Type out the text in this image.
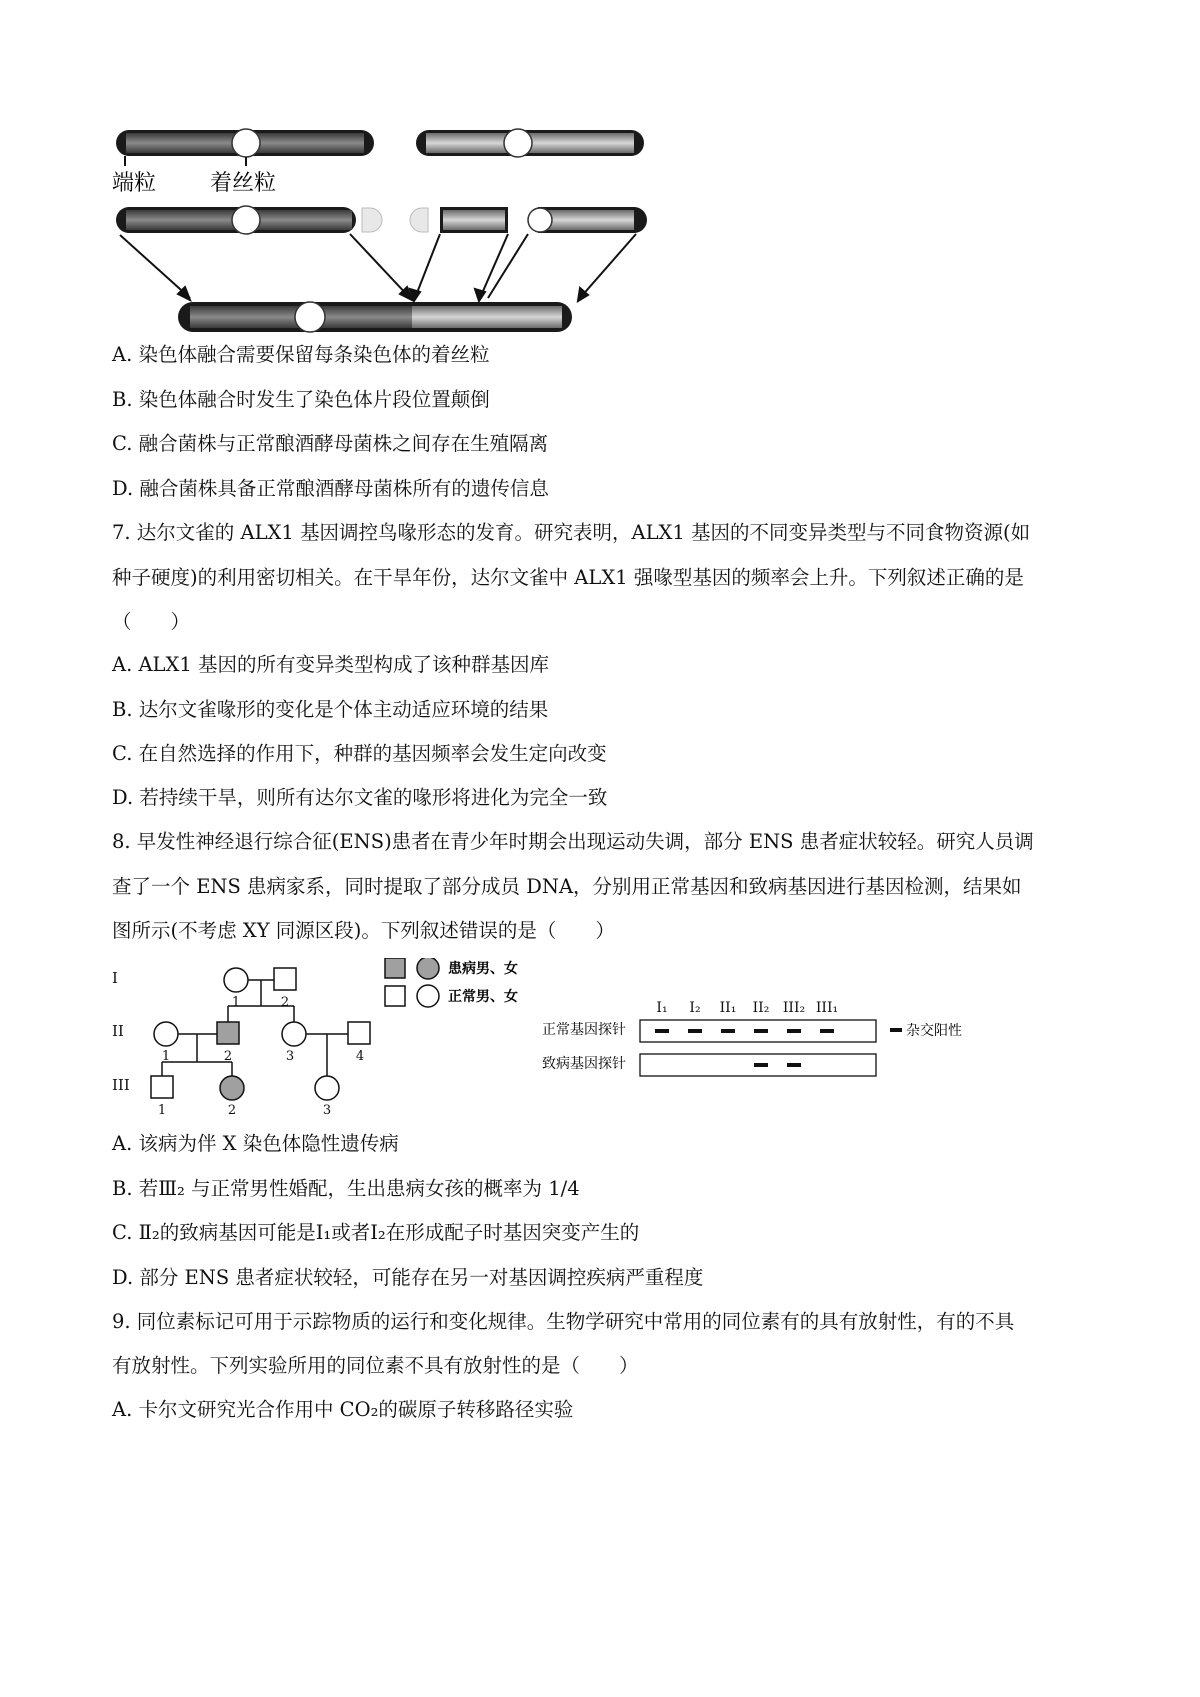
端粒 着丝粒
A. 染色体融合需要保留每条染色体的着丝粒
B. 染色体融合时发生了染色体片段位置颠倒
C. 融合菌株与正常酿酒酵母菌株之间存在生殖隔离
D. 融合菌株具备正常酿酒酵母菌株所有的遗传信息
7. 达尔文雀的 ALX1 基因调控鸟喙形态的发育。研究表明，ALX1 基因的不同变异类型与不同食物资源(如
种子硬度)的利用密切相关。在干旱年份，达尔文雀中 ALX1 强喙型基因的频率会上升。下列叙述正确的是
（　　）
A. ALX1 基因的所有变异类型构成了该种群基因库
B. 达尔文雀喙形的变化是个体主动适应环境的结果
C. 在自然选择的作用下，种群的基因频率会发生定向改变
D. 若持续干旱，则所有达尔文雀的喙形将进化为完全一致
8. 早发性神经退行综合征(ENS)患者在青少年时期会出现运动失调，部分 ENS 患者症状较轻。研究人员调
查了一个 ENS 患病家系，同时提取了部分成员 DNA，分别用正常基因和致病基因进行基因检测，结果如
图所示(不考虑 XY 同源区段)。下列叙述错误的是（　　）
I
II
III
1	2
1	2	3	4
1	2	3
患病男、女
正常男、女
I₁ I₂ II₁ II₂ III₂ III₁
正常基因探针
致病基因探针
杂交阳性
A. 该病为伴 X 染色体隐性遗传病
B. 若Ⅲ₂ 与正常男性婚配，生出患病女孩的概率为 1/4
C. Ⅱ₂的致病基因可能是I₁或者I₂在形成配子时基因突变产生的
D. 部分 ENS 患者症状较轻，可能存在另一对基因调控疾病严重程度
9. 同位素标记可用于示踪物质的运行和变化规律。生物学研究中常用的同位素有的具有放射性，有的不具
有放射性。下列实验所用的同位素不具有放射性的是（　　）
A. 卡尔文研究光合作用中 CO₂的碳原子转移路径实验
